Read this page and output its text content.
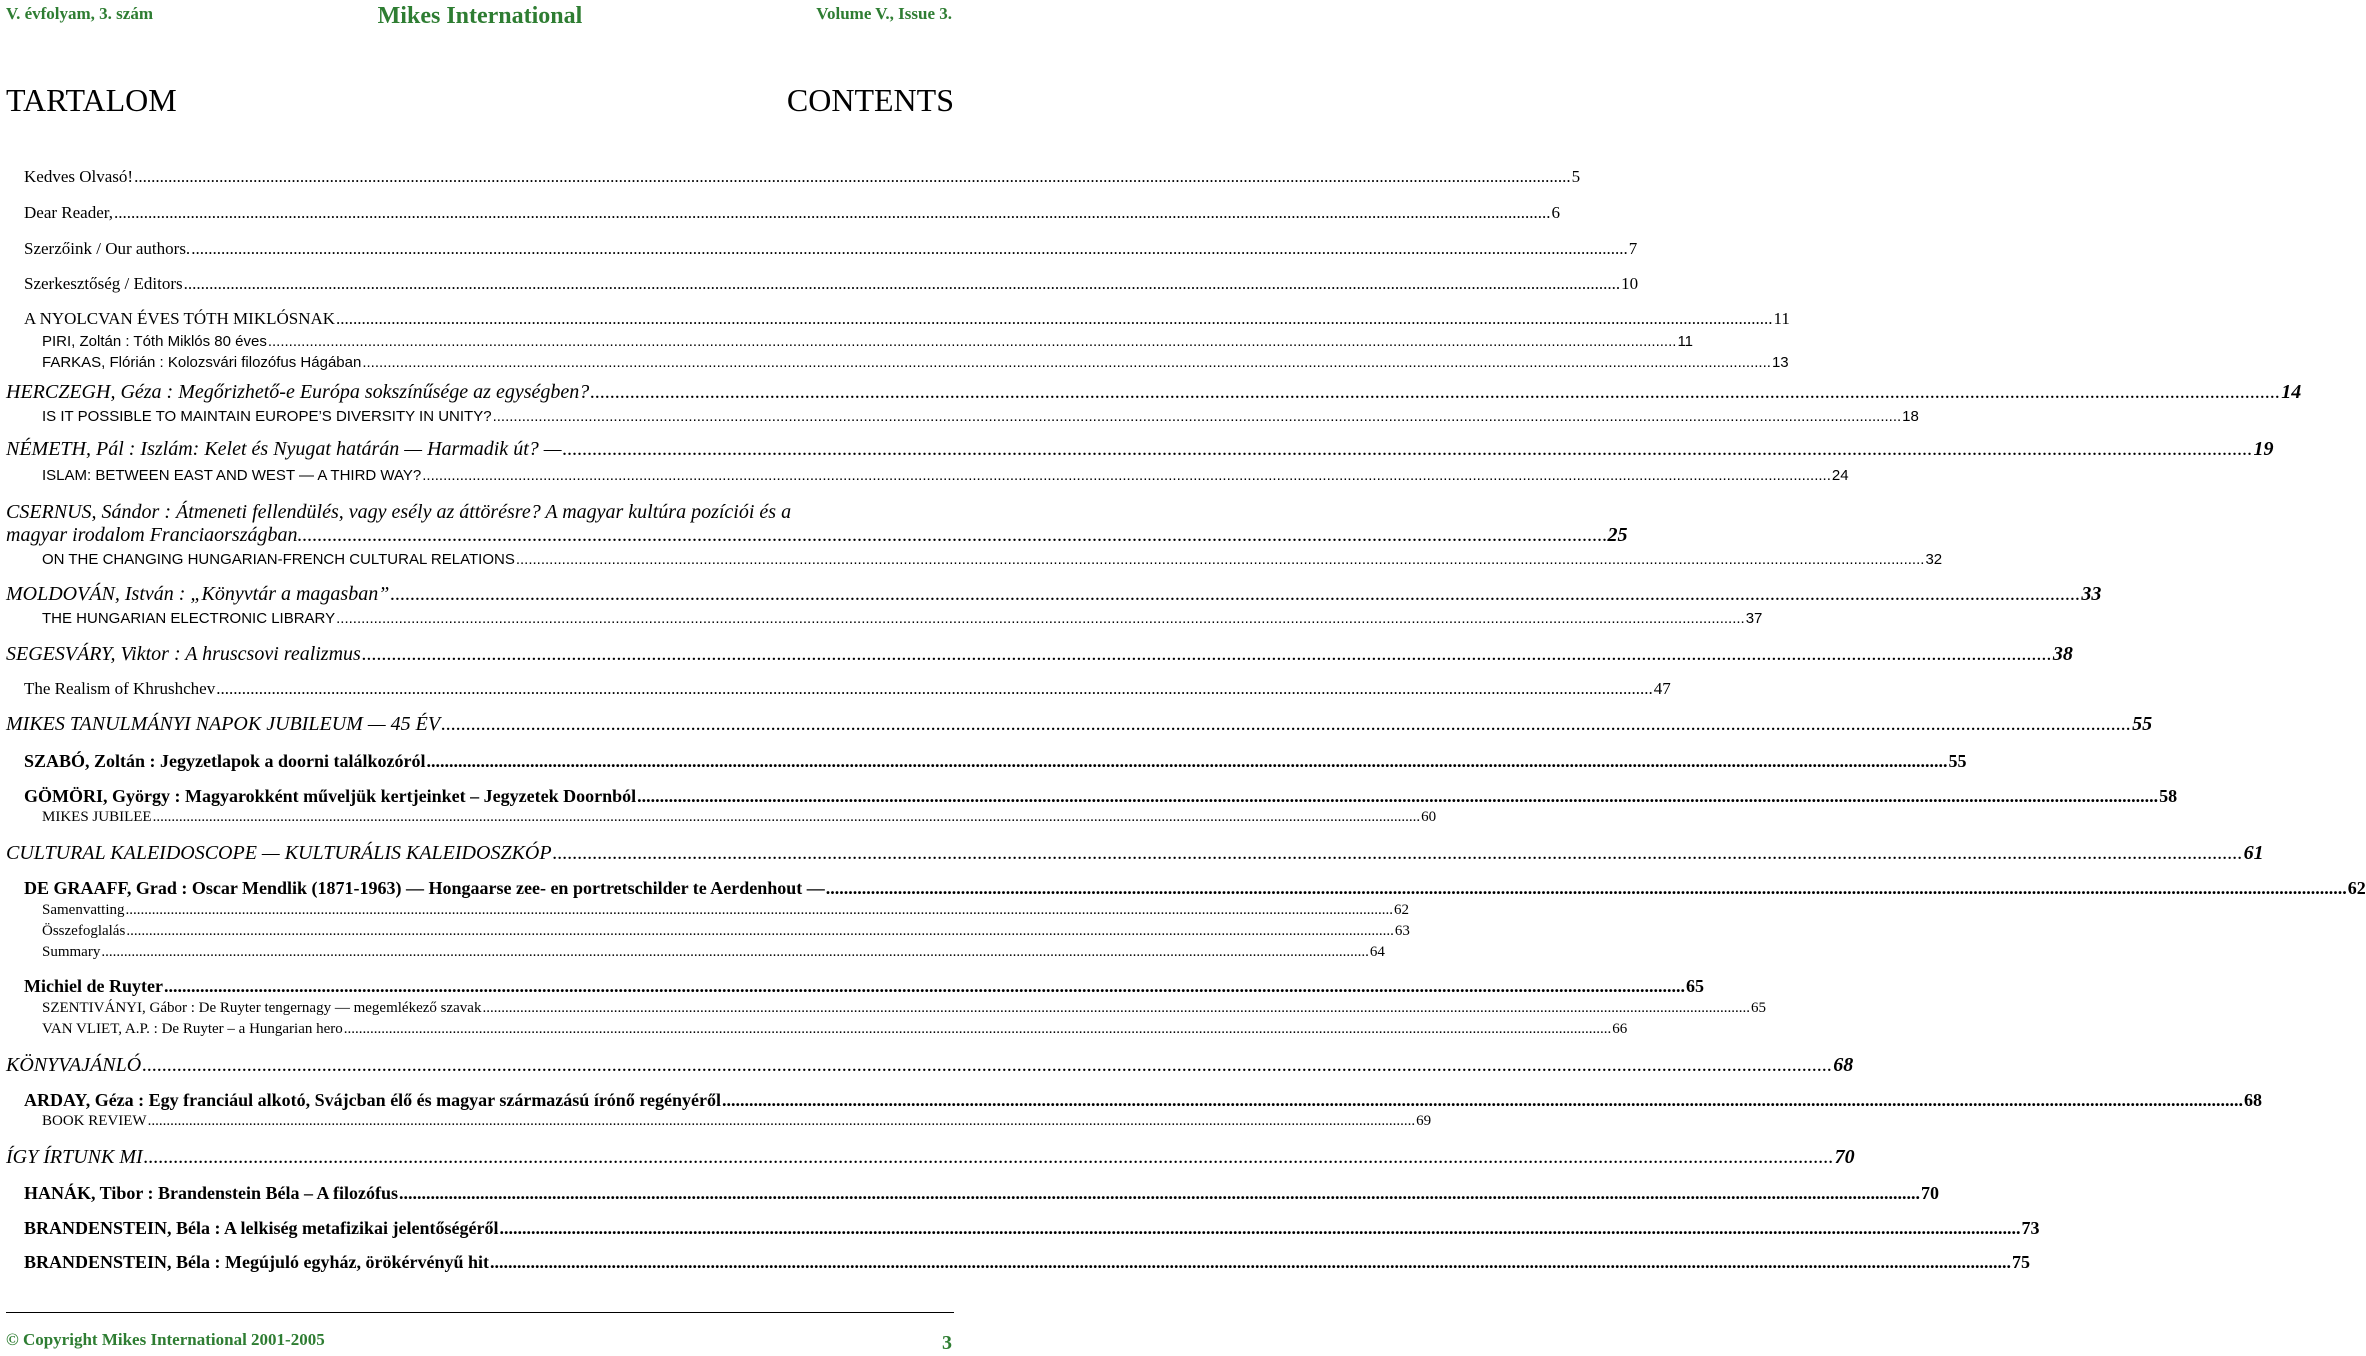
V. évfolyam, 3. szám	Mikes International	Volume V., Issue 3.
TARTALOM	CONTENTS
Kedves Olvasó! .....	5
Dear Reader, .....	6
Szerzőink / Our authors. .....	7
Szerkesztőség / Editors .....	10
A NYOLCVAN ÉVES TÓTH MIKLÓSNAK .....	11
PIRI, Zoltán : Tóth Miklós 80 éves .....	11
FARKAS, Flórián : Kolozsvári filozófus Hágában .....	13
HERCZEGH, Géza : Megőrizhető-e Európa sokszínűsége az egységben? .....	14
IS IT POSSIBLE TO MAINTAIN EUROPE’S DIVERSITY IN UNITY? .....	18
NÉMETH, Pál : Iszlám: Kelet és Nyugat határán — Harmadik út? — .....	19
ISLAM: BETWEEN EAST AND WEST — A THIRD WAY? .....	24
CSERNUS, Sándor : Átmeneti fellendülés, vagy esély az áttörésre? A magyar kultúra pozíciói és a
magyar irodalom Franciaországban .....	25
ON THE CHANGING HUNGARIAN-FRENCH CULTURAL RELATIONS .....	32
MOLDOVÁN, István : „Könyvtár a magasban” .....	33
THE HUNGARIAN ELECTRONIC LIBRARY .....	37
SEGESVÁRY, Viktor : A hruscsovi realizmus .....	38
The Realism of Khrushchev .....	47
MIKES TANULMÁNYI NAPOK JUBILEUM — 45 ÉV .....	55
SZABÓ, Zoltán : Jegyzetlapok a doorni találkozóról .....	55
GÖMÖRI, György : Magyarokként műveljük kertjeinket – Jegyzetek Doornból .....	58
MIKES JUBILEE .....	60
CULTURAL KALEIDOSCOPE — KULTURÁLIS KALEIDOSZKÓP .....	61
DE GRAAFF, Grad : Oscar Mendlik (1871-1963) — Hongaarse zee- en portretschilder te Aerdenhout — .....	62
Samenvatting .....	62
Összefoglalás .....	63
Summary .....	64
Michiel de Ruyter .....	65
SZENTIVÁNYI, Gábor : De Ruyter tengernagy — megemlékező szavak .....	65
VAN VLIET, A.P. : De Ruyter – a Hungarian hero .....	66
KÖNYVAJÁNLÓ .....	68
ARDAY, Géza : Egy franciául alkotó, Svájcban élő és magyar származású írónő regényéről .....	68
BOOK REVIEW .....	69
ÍGY ÍRTUNK MI .....	70
HANÁK, Tibor : Brandenstein Béla – A filozófus .....	70
BRANDENSTEIN, Béla : A lelkiség metafizikai jelentőségéről .....	73
BRANDENSTEIN, Béla : Megújuló egyház, örökérvényű hit .....	75
© Copyright Mikes International 2001-2005	3
